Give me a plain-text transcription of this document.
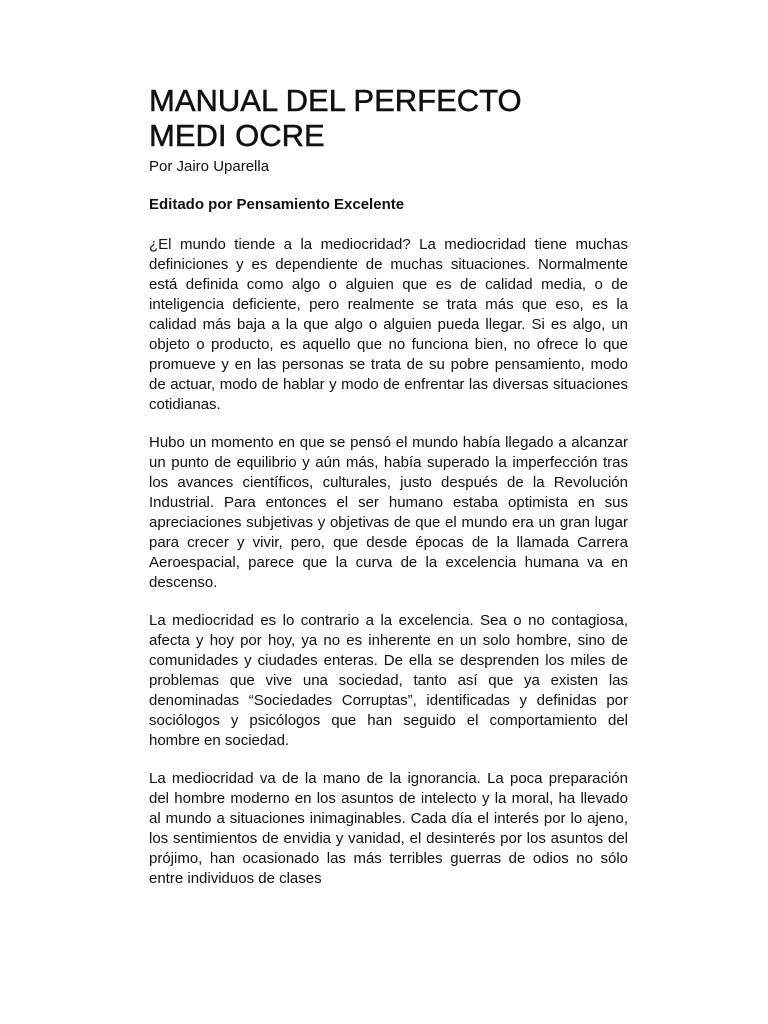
MANUAL DEL PERFECTO
MEDI OCRE

Por Jairo Uparella

Editado por Pensamiento Excelente

¿El mundo tiende a la mediocridad? La mediocridad tiene muchas definiciones y es dependiente de muchas situaciones. Normalmente está definida como algo o alguien que es de calidad media, o de inteligencia deficiente, pero realmente se trata más que eso, es la calidad más baja a la que algo o alguien pueda llegar. Si es algo, un objeto o producto, es aquello que no funciona bien, no ofrece lo que promueve y en las personas se trata de su pobre pensamiento, modo de actuar, modo de hablar y modo de enfrentar las diversas situaciones cotidianas.

Hubo un momento en que se pensó el mundo había llegado a alcanzar un punto de equilibrio y aún más, había superado la imperfección tras los avances científicos, culturales, justo después de la Revolución Industrial. Para entonces el ser humano estaba optimista en sus apreciaciones subjetivas y objetivas de que el mundo era un gran lugar para crecer y vivir, pero, que desde épocas de la llamada Carrera Aeroespacial, parece que la curva de la excelencia humana va en descenso.

La mediocridad es lo contrario a la excelencia. Sea o no contagiosa, afecta y hoy por hoy, ya no es inherente en un solo hombre, sino de comunidades y ciudades enteras. De ella se desprenden los miles de problemas que vive una sociedad, tanto así que ya existen las denominadas “Sociedades Corruptas”, identificadas y definidas por sociólogos y psicólogos que han seguido el comportamiento del hombre en sociedad.

La mediocridad va de la mano de la ignorancia. La poca preparación del hombre moderno en los asuntos de intelecto y la moral, ha llevado al mundo a situaciones inimaginables. Cada día el interés por lo ajeno, los sentimientos de envidia y vanidad, el desinterés por los asuntos del prójimo, han ocasionado las más terribles guerras de odios no sólo entre individuos de clases
